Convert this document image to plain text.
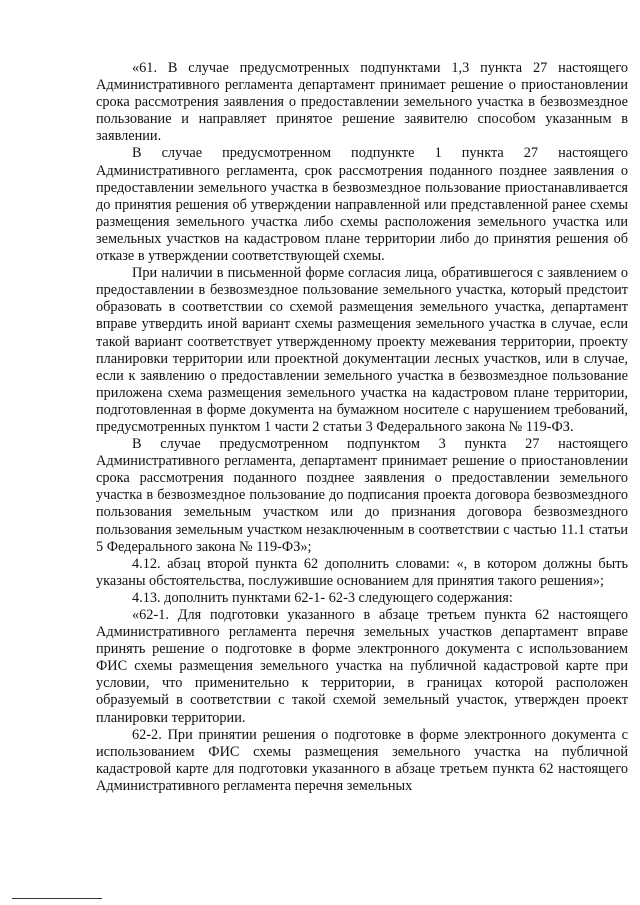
«61. В случае предусмотренных подпунктами 1,3 пункта 27 настоящего Административного регламента департамент принимает решение о приостановлении срока рассмотрения заявления о предоставлении земельного участка в безвозмездное пользование и направляет принятое решение заявителю способом указанным в заявлении.

В случае предусмотренном подпункте 1 пункта 27 настоящего Административного регламента, срок рассмотрения поданного позднее заявления о предоставлении земельного участка в безвозмездное пользование приостанавливается до принятия решения об утверждении направленной или представленной ранее схемы размещения земельного участка либо схемы расположения земельного участка или земельных участков на кадастровом плане территории либо до принятия решения об отказе в утверждении соответствующей схемы.

При наличии в письменной форме согласия лица, обратившегося с заявлением о предоставлении в безвозмездное пользование земельного участка, который предстоит образовать в соответствии со схемой размещения земельного участка, департамент вправе утвердить иной вариант схемы размещения земельного участка в случае, если такой вариант соответствует утвержденному проекту межевания территории, проекту планировки территории или проектной документации лесных участков, или в случае, если к заявлению о предоставлении земельного участка в безвозмездное пользование приложена схема размещения земельного участка на кадастровом плане территории, подготовленная в форме документа на бумажном носителе с нарушением требований, предусмотренных пунктом 1 части 2 статьи 3 Федерального закона № 119-ФЗ.

В случае предусмотренном подпунктом 3 пункта 27 настоящего Административного регламента, департамент принимает решение о приостановлении срока рассмотрения поданного позднее заявления о предоставлении земельного участка в безвозмездное пользование до подписания проекта договора безвозмездного пользования земельным участком или до признания договора безвозмездного пользования земельным участком незаключенным в соответствии с частью 11.1 статьи 5 Федерального закона № 119-ФЗ»;

4.12. абзац второй пункта 62 дополнить словами: «, в котором должны быть указаны обстоятельства, послужившие основанием для принятия такого решения»;

4.13. дополнить пунктами 62-1- 62-3 следующего содержания:

«62-1. Для подготовки указанного в абзаце третьем пункта 62 настоящего Административного регламента перечня земельных участков департамент вправе принять решение о подготовке в форме электронного документа с использованием ФИС схемы размещения земельного участка на публичной кадастровой карте при условии, что применительно к территории, в границах которой расположен образуемый в соответствии с такой схемой земельный участок, утвержден проект планировки территории.

62-2. При принятии решения о подготовке в форме электронного документа с использованием ФИС схемы размещения земельного участка на публичной кадастровой карте для подготовки указанного в абзаце третьем пункта 62 настоящего Административного регламента перечня земельных
